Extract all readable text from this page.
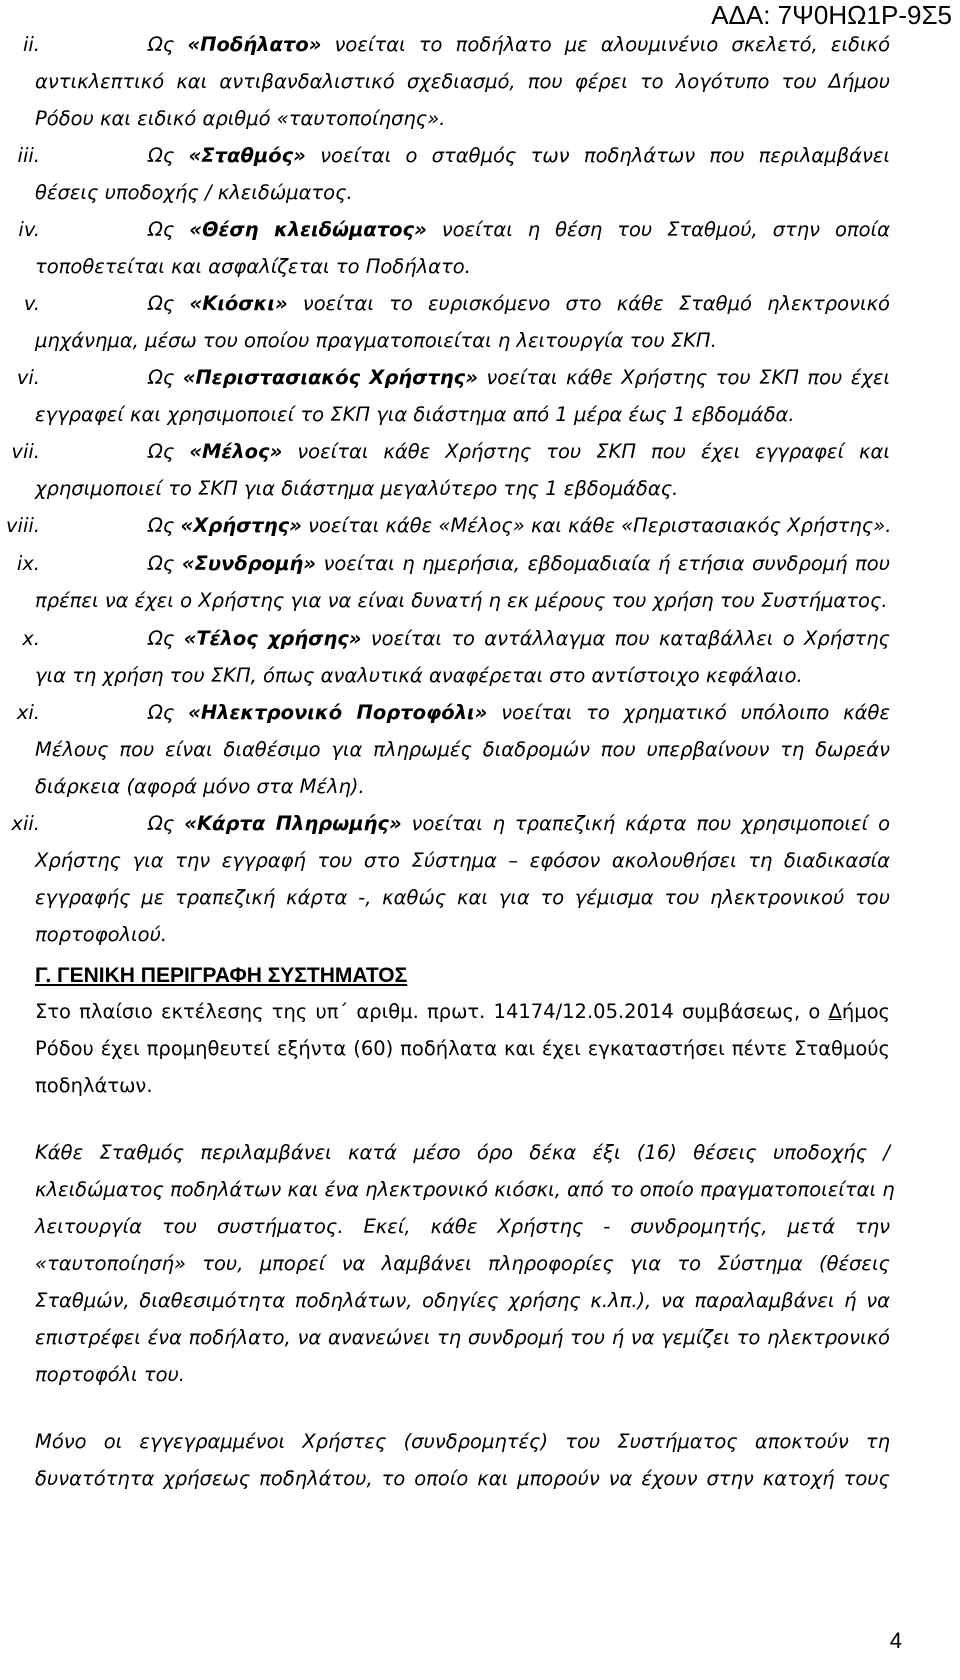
ΑΔΑ: 7Ψ0ΗΩ1Ρ-9Σ5
ii.	Ως «Ποδήλατο» νοείται το ποδήλατο με αλουμινένιο σκελετό, ειδικό
αντικλεπτικό και αντιβανδαλιστικό σχεδιασμό, που φέρει το λογότυπο του Δήμου
Ρόδου και ειδικό αριθμό «ταυτοποίησης».
iii.	Ως «Σταθμός» νοείται ο σταθμός των ποδηλάτων που περιλαμβάνει
θέσεις υποδοχής / κλειδώματος.
iv.	Ως «Θέση κλειδώματος» νοείται η θέση του Σταθμού, στην οποία
τοποθετείται και ασφαλίζεται το Ποδήλατο.
v.	Ως «Κιόσκι» νοείται το ευρισκόμενο στο κάθε Σταθμό ηλεκτρονικό
μηχάνημα, μέσω του οποίου πραγματοποιείται η λειτουργία του ΣΚΠ.
vi.	Ως «Περιστασιακός Χρήστης» νοείται κάθε Χρήστης του ΣΚΠ που έχει
εγγραφεί και χρησιμοποιεί το ΣΚΠ για διάστημα από 1 μέρα έως 1 εβδομάδα.
vii.	Ως «Μέλος» νοείται κάθε Χρήστης του ΣΚΠ που έχει εγγραφεί και
χρησιμοποιεί το ΣΚΠ για διάστημα μεγαλύτερο της 1 εβδομάδας.
viii.	Ως «Χρήστης» νοείται κάθε «Μέλος» και κάθε «Περιστασιακός Χρήστης».
ix.	Ως «Συνδρομή» νοείται η ημερήσια, εβδομαδιαία ή ετήσια συνδρομή που
πρέπει να έχει ο Χρήστης για να είναι δυνατή η εκ μέρους του χρήση του Συστήματος.
x.	Ως «Τέλος χρήσης» νοείται το αντάλλαγμα που καταβάλλει ο Χρήστης
για τη χρήση του ΣΚΠ, όπως αναλυτικά αναφέρεται στο αντίστοιχο κεφάλαιο.
xi.	Ως «Ηλεκτρονικό Πορτοφόλι» νοείται το χρηματικό υπόλοιπο κάθε
Μέλους που είναι διαθέσιμο για πληρωμές διαδρομών που υπερβαίνουν τη δωρεάν
διάρκεια (αφορά μόνο στα Μέλη).
xii.	Ως «Κάρτα Πληρωμής» νοείται η τραπεζική κάρτα που χρησιμοποιεί ο
Χρήστης για την εγγραφή του στο Σύστημα – εφόσον ακολουθήσει τη διαδικασία
εγγραφής με τραπεζική κάρτα -, καθώς και για το γέμισμα του ηλεκτρονικού του
πορτοφολιού.
Γ. ΓΕΝΙΚΗ ΠΕΡΙΓΡΑΦΗ ΣΥΣΤΗΜΑΤΟΣ
Στο πλαίσιο εκτέλεσης της υπ΄ αριθμ. πρωτ. 14174/12.05.2014 συμβάσεως, ο Δήμος
Ρόδου έχει προμηθευτεί εξήντα (60) ποδήλατα και έχει εγκαταστήσει πέντε Σταθμούς
ποδηλάτων.
Κάθε Σταθμός περιλαμβάνει κατά μέσο όρο δέκα έξι (16) θέσεις υποδοχής /
κλειδώματος ποδηλάτων και ένα ηλεκτρονικό κιόσκι, από το οποίο πραγματοποιείται η
λειτουργία του συστήματος. Εκεί, κάθε Χρήστης - συνδρομητής, μετά την
«ταυτοποίησή» του, μπορεί να λαμβάνει πληροφορίες για το Σύστημα (θέσεις
Σταθμών, διαθεσιμότητα ποδηλάτων, οδηγίες χρήσης κ.λπ.), να παραλαμβάνει ή να
επιστρέφει ένα ποδήλατο, να ανανεώνει τη συνδρομή του ή να γεμίζει το ηλεκτρονικό
πορτοφόλι του.
Μόνο οι εγγεγραμμένοι Χρήστες (συνδρομητές) του Συστήματος αποκτούν τη
δυνατότητα χρήσεως ποδηλάτου, το οποίο και μπορούν να έχουν στην κατοχή τους
4
